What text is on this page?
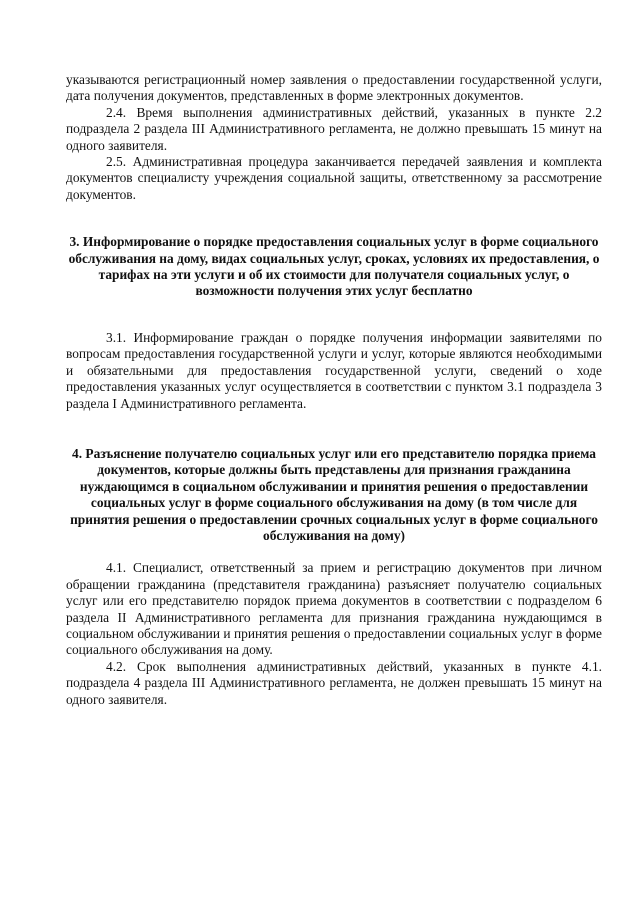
указываются регистрационный номер заявления о предоставлении государственной услуги, дата получения документов, представленных в форме электронных документов.

2.4. Время выполнения административных действий, указанных в пункте 2.2 подраздела 2 раздела III Административного регламента, не должно превышать 15 минут на одного заявителя.

2.5. Административная процедура заканчивается передачей заявления и комплекта документов специалисту учреждения социальной защиты, ответственному за рассмотрение документов.

3. Информирование о порядке предоставления социальных услуг в форме социального обслуживания на дому, видах социальных услуг, сроках, условиях их предоставления, о тарифах на эти услуги и об их стоимости для получателя социальных услуг, о возможности получения этих услуг бесплатно

3.1. Информирование граждан о порядке получения информации заявителями по вопросам предоставления государственной услуги и услуг, которые являются необходимыми и обязательными для предоставления государственной услуги, сведений о ходе предоставления указанных услуг осуществляется в соответствии с пунктом 3.1 подраздела 3 раздела I Административного регламента.

4. Разъяснение получателю социальных услуг или его представителю порядка приема документов, которые должны быть представлены для признания гражданина нуждающимся в социальном обслуживании и принятия решения о предоставлении социальных услуг в форме социального обслуживания на дому (в том числе для принятия решения о предоставлении срочных социальных услуг в форме социального обслуживания на дому)

4.1. Специалист, ответственный за прием и регистрацию документов при личном обращении гражданина (представителя гражданина) разъясняет получателю социальных услуг или его представителю порядок приема документов в соответствии с подразделом 6 раздела II Административного регламента для признания гражданина нуждающимся в социальном обслуживании и принятия решения о предоставлении социальных услуг в форме социального обслуживания на дому.

4.2. Срок выполнения административных действий, указанных в пункте 4.1. подраздела 4 раздела III Административного регламента, не должен превышать 15 минут на одного заявителя.
